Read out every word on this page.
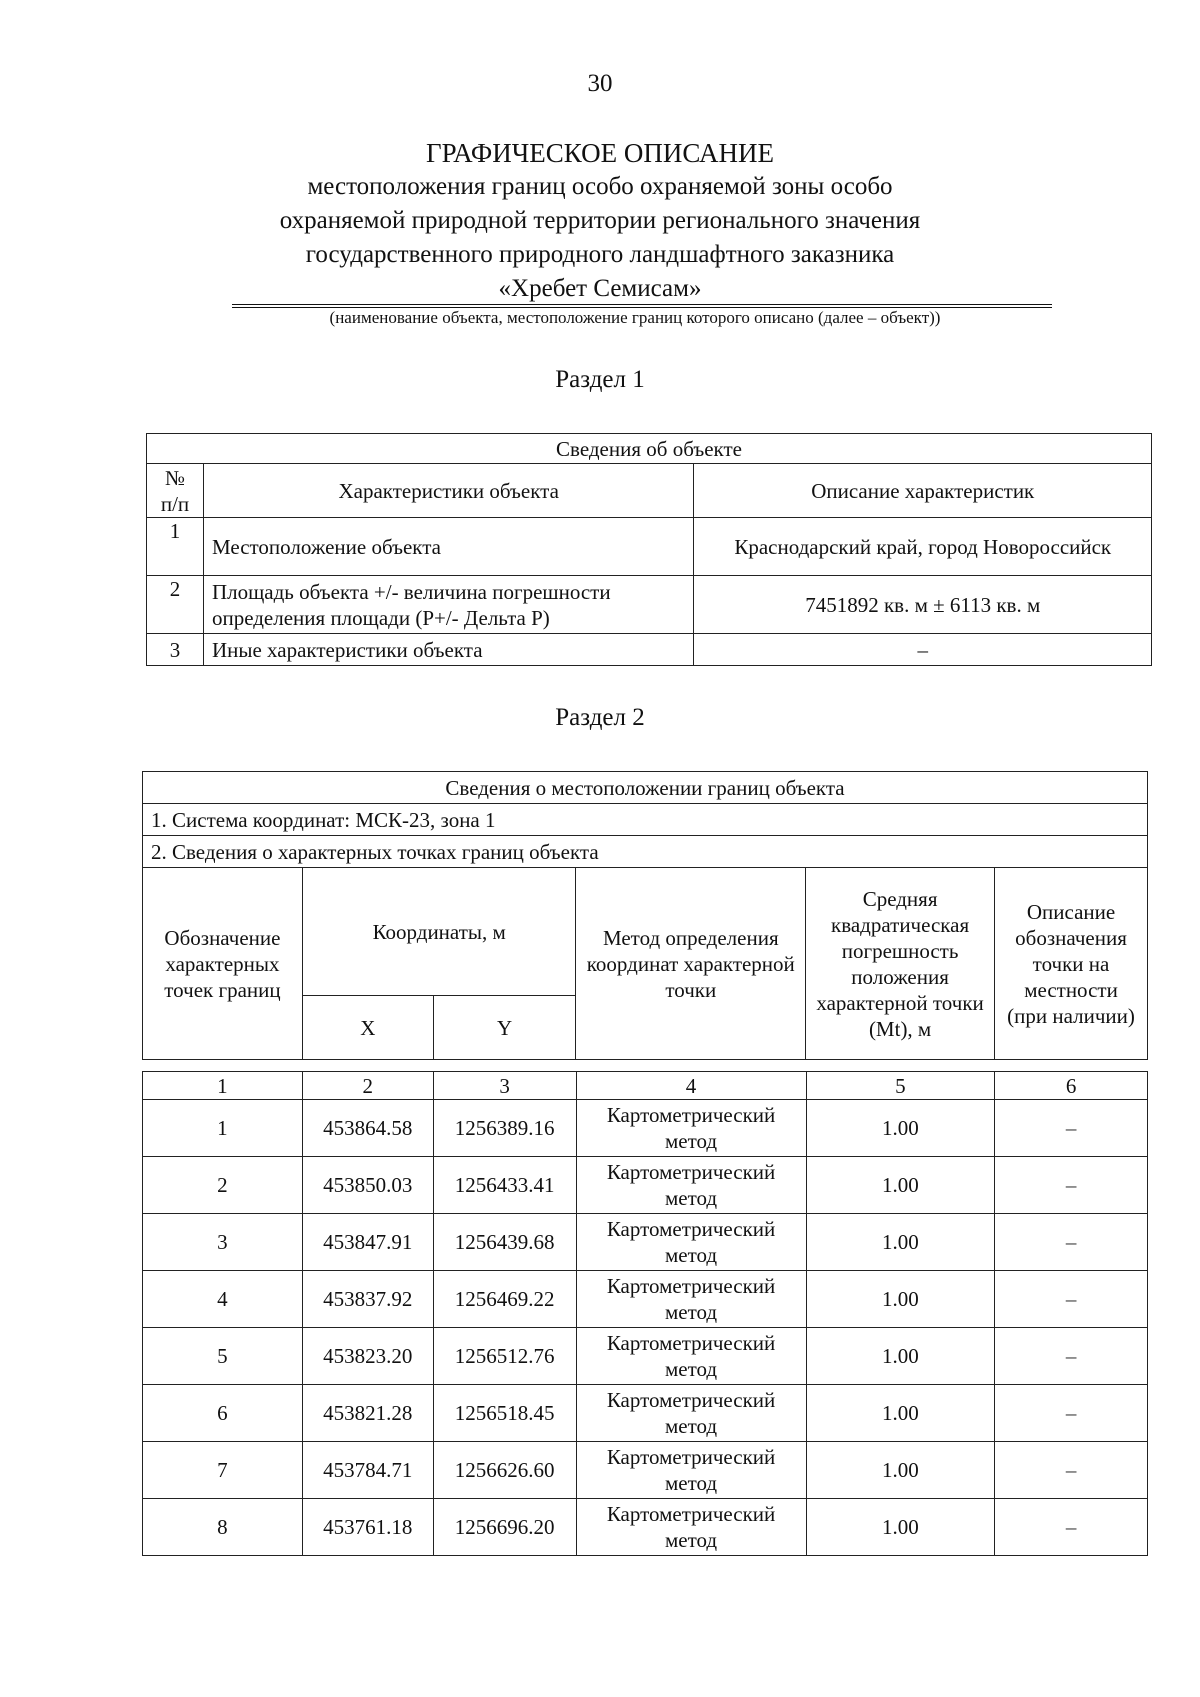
30
ГРАФИЧЕСКОЕ ОПИСАНИЕ
местоположения границ особо охраняемой зоны особо
охраняемой природной территории регионального значения
государственного природного ландшафтного заказника
«Хребет Семисам»
(наименование объекта, местоположение границ которого описано (далее – объект))
Раздел 1
Сведения об объекте		
№ п/п	Характеристики объекта	Описание характеристик
1	Местоположение объекта	Краснодарский край, город Новороссийск
2	Площадь объекта +/- величина погрешности определения площади (Р+/- Дельта Р)	7451892 кв. м ± 6113 кв. м
3	Иные характеристики объекта	–
Раздел 2
Сведения о местоположении границ объекта					
1. Система координат: МСК-23, зона 1					
2. Сведения о характерных точках границ объекта					
Обозначение характерных точек границ	Координаты, м		Метод определения координат характерной точки	Средняя квадратическая погрешность положения характерной точки (Мt), м	Описание обозначения точки на местности (при наличии)
	X	Y			
1	2	3	4	5	6
1	453864.58	1256389.16	Картометрический метод	1.00	–
2	453850.03	1256433.41	Картометрический метод	1.00	–
3	453847.91	1256439.68	Картометрический метод	1.00	–
4	453837.92	1256469.22	Картометрический метод	1.00	–
5	453823.20	1256512.76	Картометрический метод	1.00	–
6	453821.28	1256518.45	Картометрический метод	1.00	–
7	453784.71	1256626.60	Картометрический метод	1.00	–
8	453761.18	1256696.20	Картометрический метод	1.00	–
